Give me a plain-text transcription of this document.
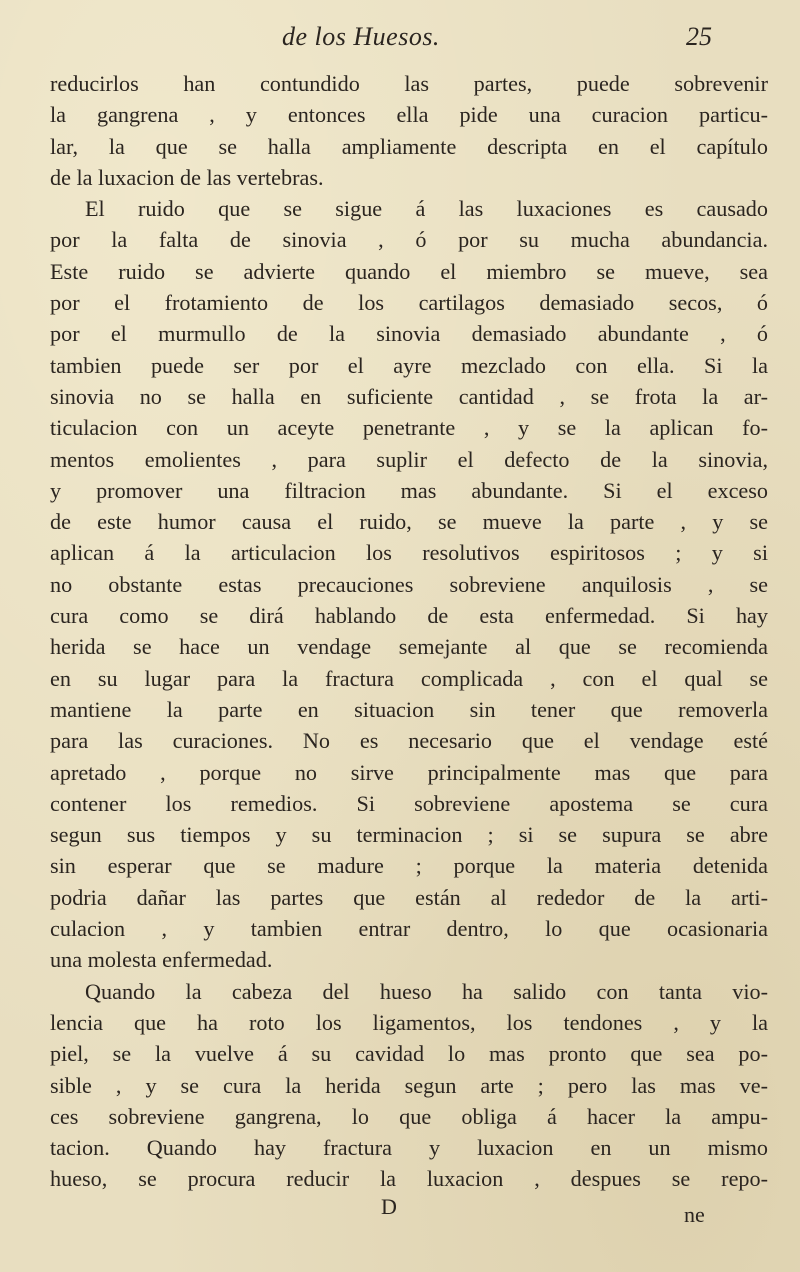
de los Huesos.	25
reducirlos han contundido las partes, puede sobrevenir
la gangrena , y entonces ella pide una curacion particu-
lar, la que se halla ampliamente descripta en el capítulo
de la luxacion de las vertebras.
El ruido que se sigue á las luxaciones es causado
por la falta de sinovia , ó por su mucha abundancia.
Este ruido se advierte quando el miembro se mueve, sea
por el frotamiento de los cartilagos demasiado secos, ó
por el murmullo de la sinovia demasiado abundante , ó
tambien puede ser por el ayre mezclado con ella. Si la
sinovia no se halla en suficiente cantidad , se frota la ar-
ticulacion con un aceyte penetrante , y se la aplican fo-
mentos emolientes , para suplir el defecto de la sinovia,
y promover una filtracion mas abundante. Si el exceso
de este humor causa el ruido, se mueve la parte , y se
aplican á la articulacion los resolutivos espiritosos ; y si
no obstante estas precauciones sobreviene anquilosis , se
cura como se dirá hablando de esta enfermedad. Si hay
herida se hace un vendage semejante al que se recomienda
en su lugar para la fractura complicada , con el qual se
mantiene la parte en situacion sin tener que removerla
para las curaciones. No es necesario que el vendage esté
apretado , porque no sirve principalmente mas que para
contener los remedios. Si sobreviene apostema se cura
segun sus tiempos y su terminacion ; si se supura se abre
sin esperar que se madure ; porque la materia detenida
podria dañar las partes que están al rededor de la arti-
culacion , y tambien entrar dentro, lo que ocasionaria
una molesta enfermedad.
Quando la cabeza del hueso ha salido con tanta vio-
lencia que ha roto los ligamentos, los tendones , y la
piel, se la vuelve á su cavidad lo mas pronto que sea po-
sible , y se cura la herida segun arte ; pero las mas ve-
ces sobreviene gangrena, lo que obliga á hacer la ampu-
tacion. Quando hay fractura y luxacion en un mismo
hueso, se procura reducir la luxacion , despues se repo-
D	ne
